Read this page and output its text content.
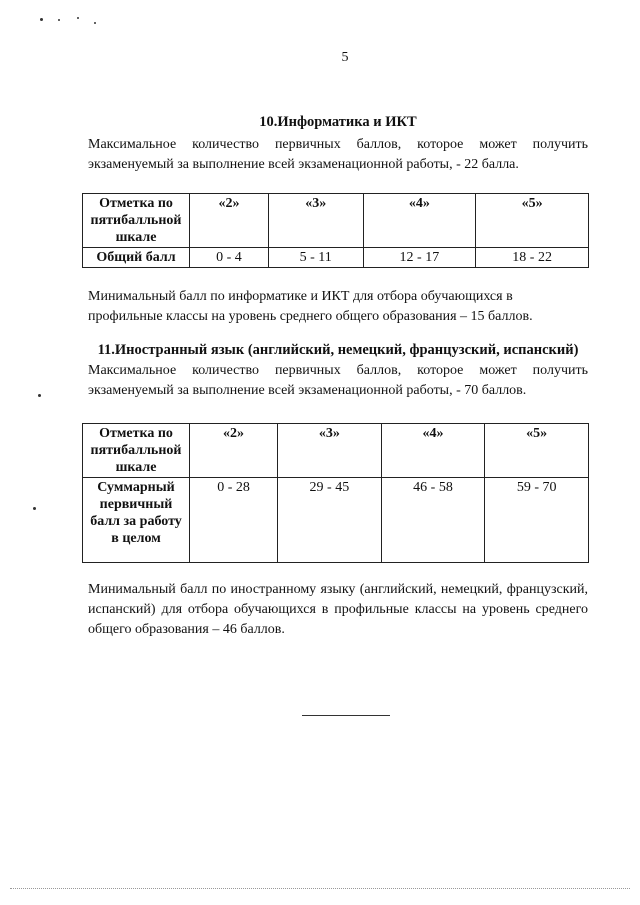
5
10.Информатика и ИКТ
Максимальное количество первичных баллов, которое может получить экзаменуемый за выполнение всей экзаменационной работы, - 22 балла.
Отметка по пятибалльной шкале	«2»	«3»	«4»	«5»
Общий балл	0 - 4	5 - 11	12 - 17	18 - 22
Минимальный балл по информатике и ИКТ для отбора обучающихся в профильные классы на уровень среднего общего образования – 15 баллов.
11.Иностранный язык (английский, немецкий, французский, испанский)
Максимальное количество первичных баллов, которое может получить экзаменуемый за выполнение всей экзаменационной работы, - 70 баллов.
Отметка по пятибалльной шкале	«2»	«3»	«4»	«5»
Суммарный первичный балл за работу в целом	0 - 28	29 - 45	46 - 58	59 - 70
Минимальный балл по иностранному языку (английский, немецкий, французский, испанский) для отбора обучающихся в профильные классы на уровень среднего общего образования – 46 баллов.
